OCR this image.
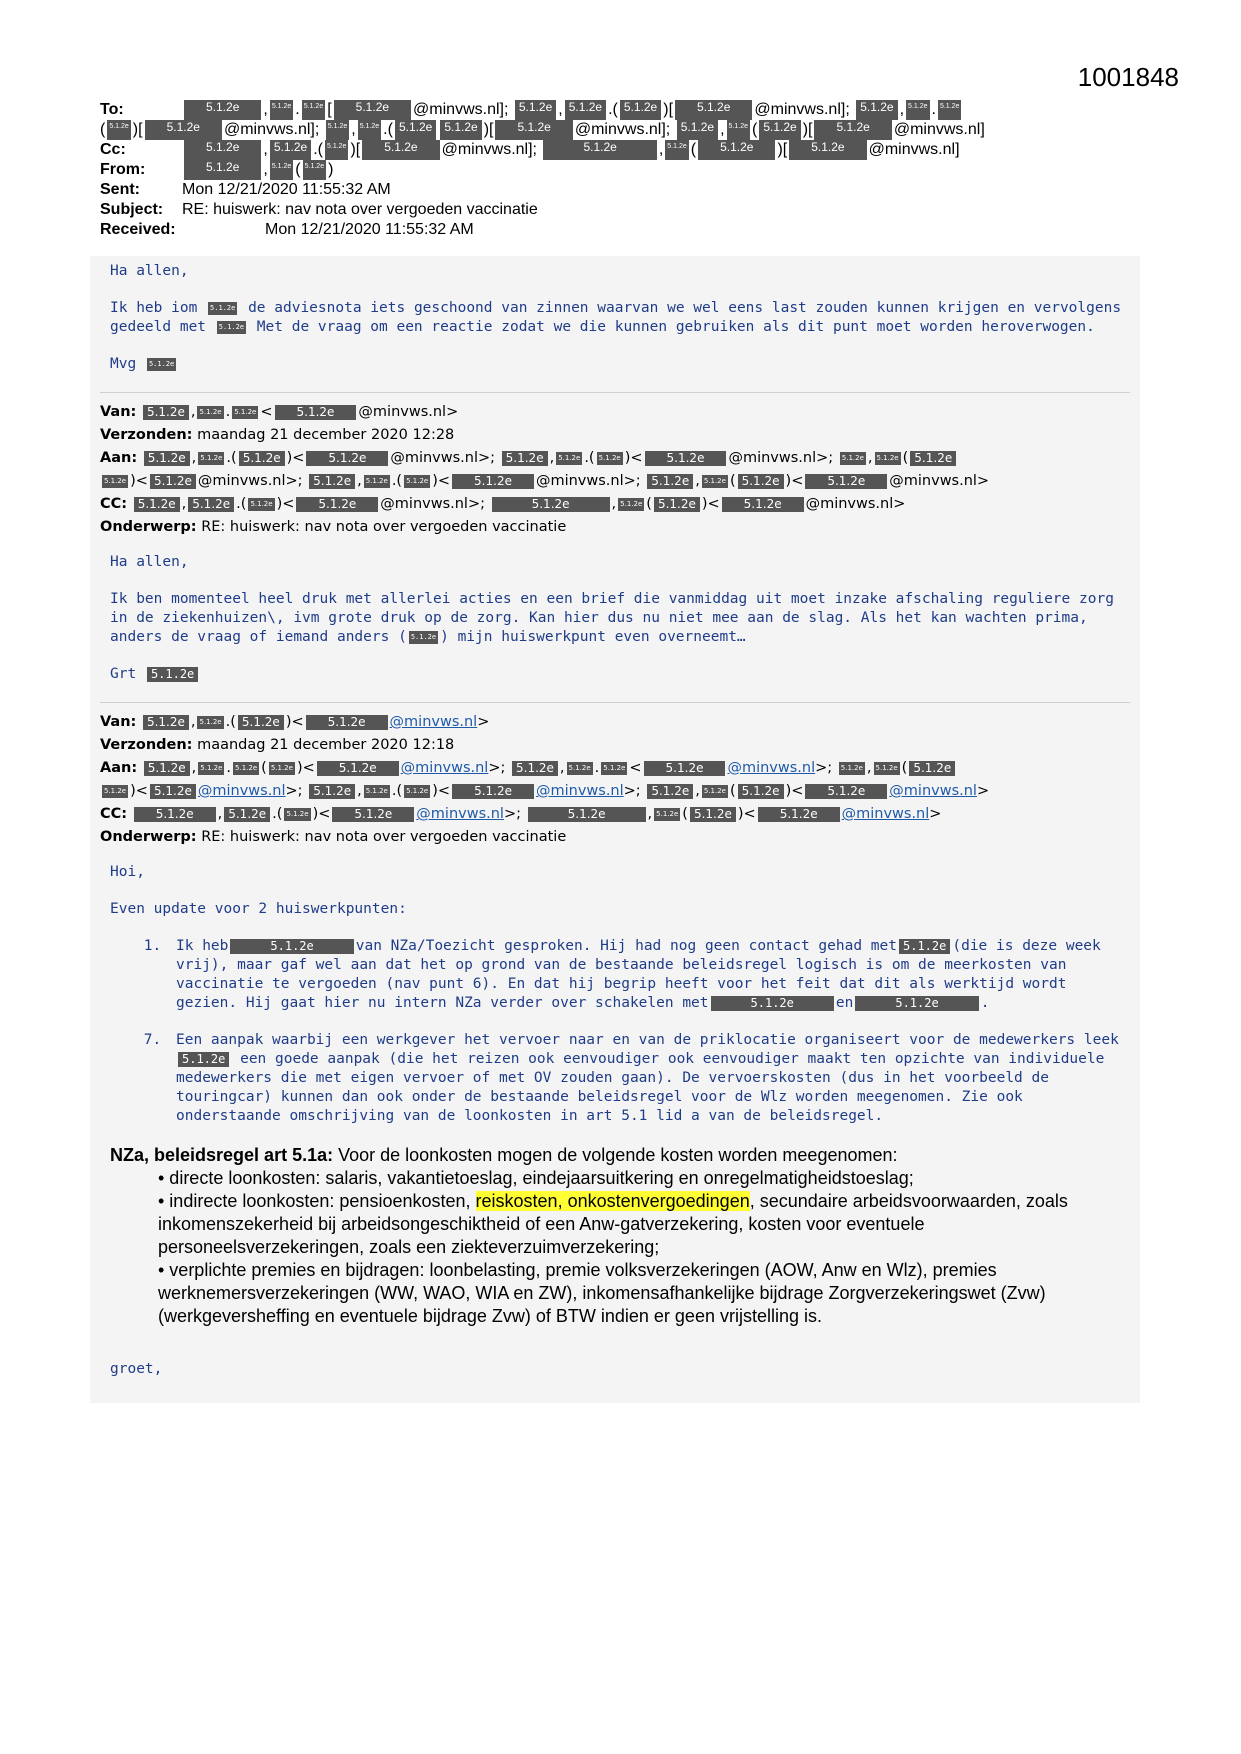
1001848
To:	5.1.2e	, 5.1.2e . 5.1.2e [	5.1.2e	@minvws.nl];
5.1.2e , 5.1.2e .( 5.1.2e )[	5.1.2e	@minvws.nl];
5.1.2e , 5.1.2e . 5.1.2e
( 5.1.2e )[	5.1.2e	@minvws.nl];
5.1.2e , 5.1.2e .( 5.1.2e	5.1.2e )[	5.1.2e	@minvws.nl];
5.1.2e , 5.1.2e ( 5.1.2e )[	5.1.2e	@minvws.nl]
Cc:	5.1.2e	, 5.1.2e .( 5.1.2e )[	5.1.2e	@minvws.nl];
	5.1.2e	, 5.1.2e (	5.1.2e	)[	5.1.2e	@minvws.nl]
From:	5.1.2e	, 5.1.2e ( 5.1.2e )
Sent:	Mon 12/21/2020 11:55:32 AM
Subject:	RE: huiswerk: nav nota over vergoeden vaccinatie
Received:	Mon 12/21/2020 11:55:32 AM

Ha allen,

Ik heb iom 5.1.2e de adviesnota iets geschoond van zinnen waarvan we wel eens last zouden kunnen krijgen en vervolgens gedeeld met 5.1.2e Met de vraag om een reactie zodat we die kunnen gebruiken als dit punt moet worden heroverwogen.

Mvg 5.1.2e

Van: 5.1.2e , 5.1.2e . 5.1.2e < 5.1.2e @minvws.nl>
Verzonden: maandag 21 december 2020 12:28
Aan: 5.1.2e , 5.1.2e .( 5.1.2e )< 5.1.2e @minvws.nl>; 5.1.2e , 5.1.2e .( 5.1.2e )< 5.1.2e @minvws.nl>; 5.1.2e , 5.1.2e ( 5.1.2e
5.1.2e )< 5.1.2e @minvws.nl>; 5.1.2e , 5.1.2e .( 5.1.2e )< 5.1.2e @minvws.nl>; 5.1.2e , 5.1.2e ( 5.1.2e )< 5.1.2e @minvws.nl>
CC: 5.1.2e , 5.1.2e .( 5.1.2e )< 5.1.2e @minvws.nl>;	5.1.2e	, 5.1.2e ( 5.1.2e )< 5.1.2e @minvws.nl>
Onderwerp: RE: huiswerk: nav nota over vergoeden vaccinatie

Ha allen,

Ik ben momenteel heel druk met allerlei acties en een brief die vanmiddag uit moet inzake afschaling reguliere zorg in de ziekenhuizen\, ivm grote druk op de zorg. Kan hier dus nu niet mee aan de slag. Als het kan wachten prima, anders de vraag of iemand anders ( 5.1.2e ) mijn huiswerkpunt even overneemt…

Grt 5.1.2e

Van: 5.1.2e , 5.1.2e .( 5.1.2e )< 5.1.2e @minvws.nl>
Verzonden: maandag 21 december 2020 12:18
Aan: 5.1.2e , 5.1.2e . 5.1.2e ( 5.1.2e )< 5.1.2e @minvws.nl>; 5.1.2e , 5.1.2e . 5.1.2e < 5.1.2e @minvws.nl>; 5.1.2e , 5.1.2e ( 5.1.2e
5.1.2e )< 5.1.2e @minvws.nl>; 5.1.2e , 5.1.2e .( 5.1.2e )< 5.1.2e @minvws.nl>; 5.1.2e , 5.1.2e ( 5.1.2e )< 5.1.2e @minvws.nl>
CC: 5.1.2e , 5.1.2e .( 5.1.2e )< 5.1.2e @minvws.nl>;	5.1.2e	, 5.1.2e ( 5.1.2e )< 5.1.2e @minvws.nl>
Onderwerp: RE: huiswerk: nav nota over vergoeden vaccinatie

Hoi,

Even update voor 2 huiswerkpunten:

1. Ik heb	5.1.2e	van NZa/Toezicht gesproken. Hij had nog geen contact gehad met 5.1.2e (die is deze week vrij), maar gaf wel aan dat het op grond van de bestaande beleidsregel logisch is om de meerkosten van vaccinatie te vergoeden (nav punt 6). En dat hij begrip heeft voor het feit dat dit als werktijd wordt gezien. Hij gaat hier nu intern NZa verder over schakelen met	5.1.2e	en	5.1.2e	.
7. Een aanpak waarbij een werkgever het vervoer naar en van de priklocatie organiseert voor de medewerkers leek 5.1.2e een goede aanpak (die het reizen ook eenvoudiger ook eenvoudiger maakt ten opzichte van individuele medewerkers die met eigen vervoer of met OV zouden gaan). De vervoerskosten (dus in het voorbeeld de touringcar) kunnen dan ook onder de bestaande beleidsregel voor de Wlz worden meegenomen. Zie ook onderstaande omschrijving van de loonkosten in art 5.1 lid a van de beleidsregel.
NZa, beleidsregel art 5.1a: Voor de loonkosten mogen de volgende kosten worden meegenomen:
• directe loonkosten: salaris, vakantietoeslag, eindejaarsuitkering en onregelmatigheidstoeslag;
• indirecte loonkosten: pensioenkosten, reiskosten, onkostenvergoedingen, secundaire arbeidsvoorwaarden, zoals inkomenszekerheid bij arbeidsongeschiktheid of een Anw-gatverzekering, kosten voor eventuele personeelsverzekeringen, zoals een ziekteverzuimverzekering;
• verplichte premies en bijdragen: loonbelasting, premie volksverzekeringen (AOW, Anw en Wlz), premies werknemersverzekeringen (WW, WAO, WIA en ZW), inkomensafhankelijke bijdrage Zorgverzekeringswet (Zvw) (werkgeversheffing en eventuele bijdrage Zvw) of BTW indien er geen vrijstelling is.

groet,
